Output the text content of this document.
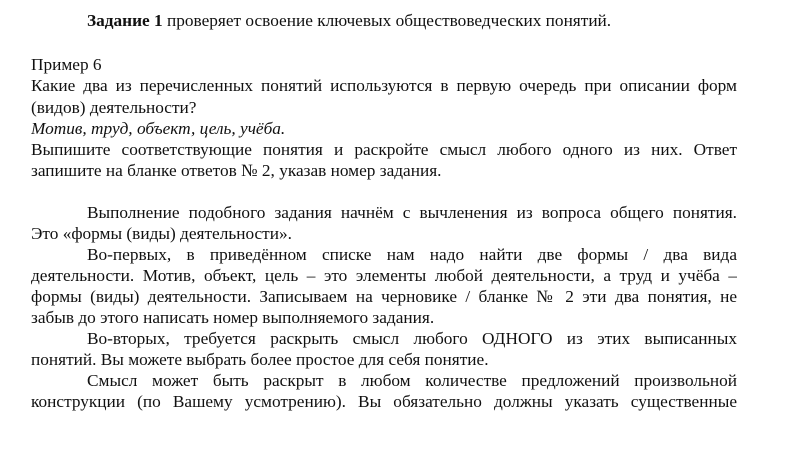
Задание 1 проверяет освоение ключевых обществоведческих понятий.
Пример 6
Какие два из перечисленных понятий используются в первую очередь при описании форм
(видов) деятельности?
Мотив, труд, объект, цель, учёба.
Выпишите соответствующие понятия и раскройте смысл любого одного из них. Ответ
запишите на бланке ответов № 2, указав номер задания.
Выполнение подобного задания начнём с вычленения из вопроса общего понятия.
Это «формы (виды) деятельности».
Во-первых, в приведённом списке нам надо найти две формы / два вида
деятельности. Мотив, объект, цель – это элементы любой деятельности, а труд и учёба –
формы (виды) деятельности. Записываем на черновике / бланке № 2 эти два понятия, не
забыв до этого написать номер выполняемого задания.
Во-вторых, требуется раскрыть смысл любого ОДНОГО из этих выписанных
понятий. Вы можете выбрать более простое для себя понятие.
Смысл может быть раскрыт в любом количестве предложений произвольной
конструкции (по Вашему усмотрению). Вы обязательно должны указать существенные
